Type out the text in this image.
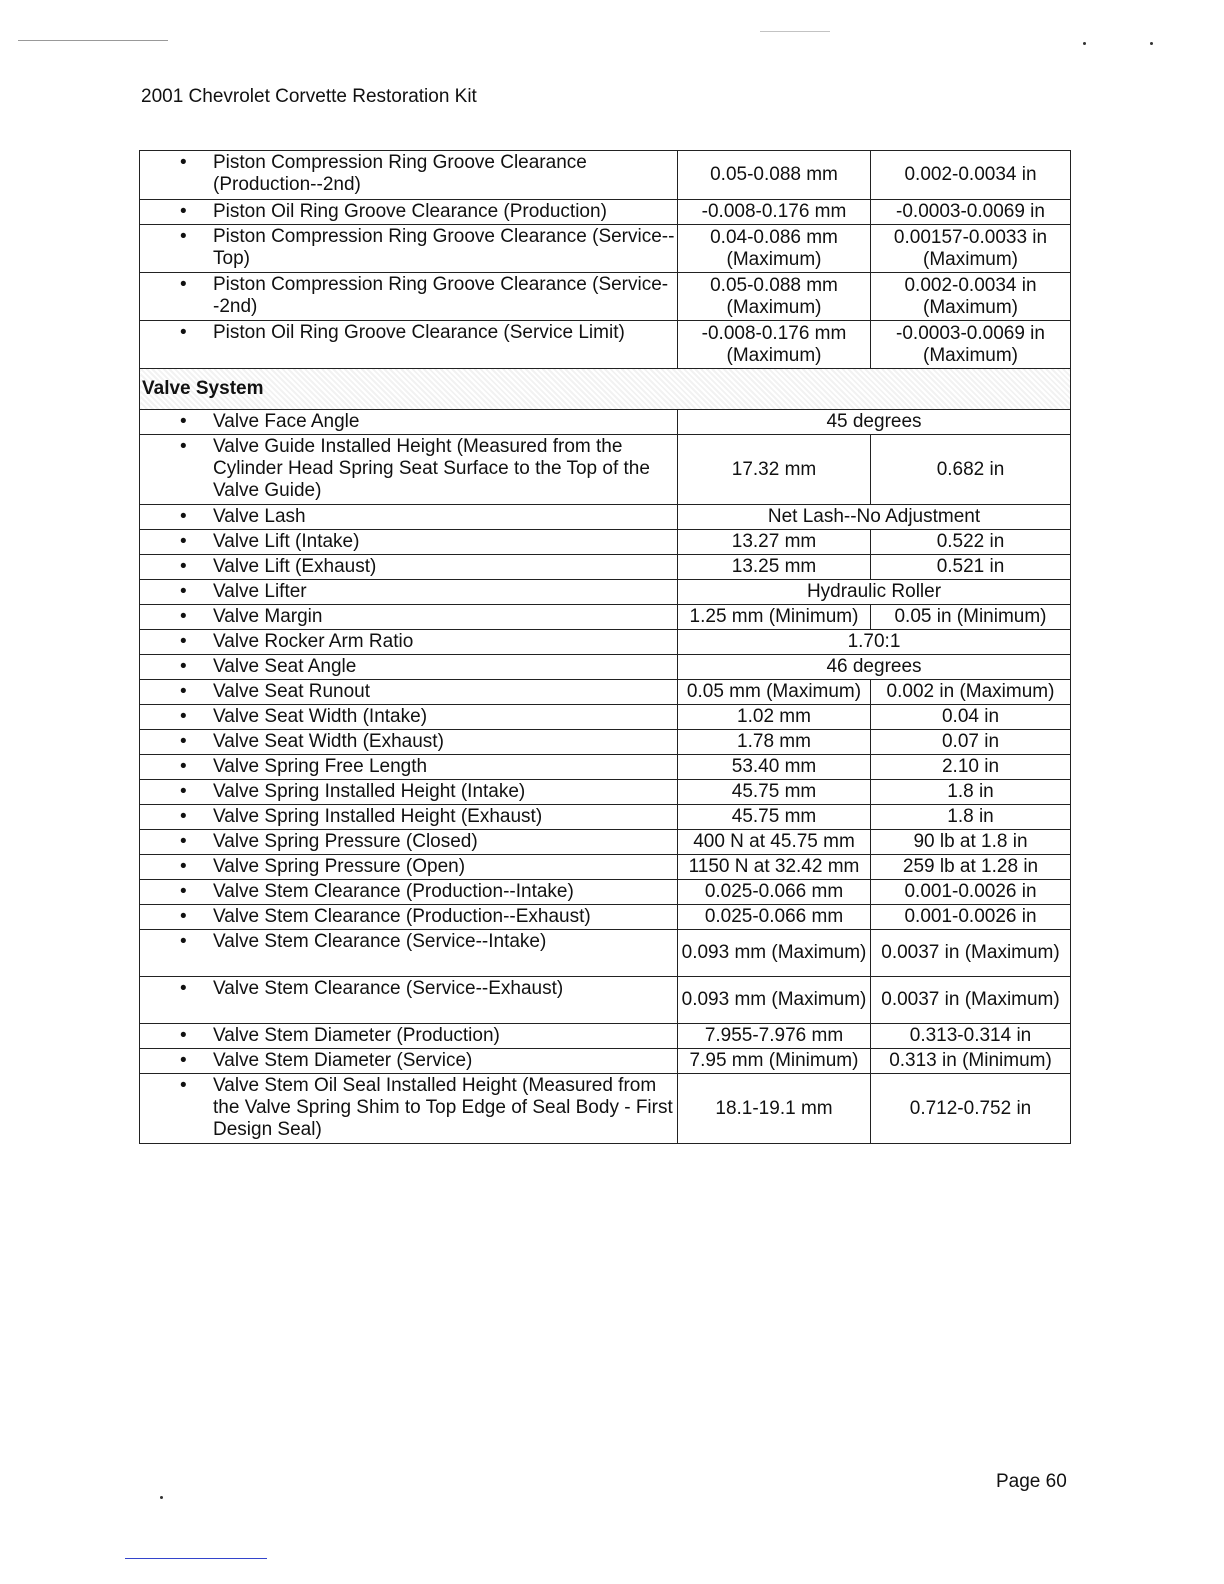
2001 Chevrolet Corvette Restoration Kit
• Piston Compression Ring Groove Clearance (Production--2nd)	0.05-0.088 mm	0.002-0.0034 in

• Piston Oil Ring Groove Clearance (Production)	-0.008-0.176 mm	-0.0003-0.0069 in

• Piston Compression Ring Groove Clearance (Service--Top)	0.04-0.086 mm (Maximum)	0.00157-0.0033 in (Maximum)

• Piston Compression Ring Groove Clearance (Service--2nd)	0.05-0.088 mm (Maximum)	0.002-0.0034 in (Maximum)

• Piston Oil Ring Groove Clearance (Service Limit)	-0.008-0.176 mm (Maximum)	-0.0003-0.0069 in (Maximum)
Valve System		

• Valve Face Angle	45 degrees	

• Valve Guide Installed Height (Measured from the Cylinder Head Spring Seat Surface to the Top of the Valve Guide)	17.32 mm	0.682 in

• Valve Lash	Net Lash--No Adjustment	

• Valve Lift (Intake)	13.27 mm	0.522 in

• Valve Lift (Exhaust)	13.25 mm	0.521 in

• Valve Lifter	Hydraulic Roller	

• Valve Margin	1.25 mm (Minimum)	0.05 in (Minimum)

• Valve Rocker Arm Ratio	1.70:1	

• Valve Seat Angle	46 degrees	

• Valve Seat Runout	0.05 mm (Maximum)	0.002 in (Maximum)

• Valve Seat Width (Intake)	1.02 mm	0.04 in

• Valve Seat Width (Exhaust)	1.78 mm	0.07 in

• Valve Spring Free Length	53.40 mm	2.10 in

• Valve Spring Installed Height (Intake)	45.75 mm	1.8 in

• Valve Spring Installed Height (Exhaust)	45.75 mm	1.8 in

• Valve Spring Pressure (Closed)	400 N at 45.75 mm	90 lb at 1.8 in

• Valve Spring Pressure (Open)	1150 N at 32.42 mm	259 lb at 1.28 in

• Valve Stem Clearance (Production--Intake)	0.025-0.066 mm	0.001-0.0026 in

• Valve Stem Clearance (Production--Exhaust)	0.025-0.066 mm	0.001-0.0026 in

• Valve Stem Clearance (Service--Intake)	0.093 mm (Maximum)	0.0037 in (Maximum)

• Valve Stem Clearance (Service--Exhaust)	0.093 mm (Maximum)	0.0037 in (Maximum)

• Valve Stem Diameter (Production)	7.955-7.976 mm	0.313-0.314 in

• Valve Stem Diameter (Service)	7.95 mm (Minimum)	0.313 in (Minimum)

• Valve Stem Oil Seal Installed Height (Measured from the Valve Spring Shim to Top Edge of Seal Body - First Design Seal)	18.1-19.1 mm	0.712-0.752 in
Page 60
